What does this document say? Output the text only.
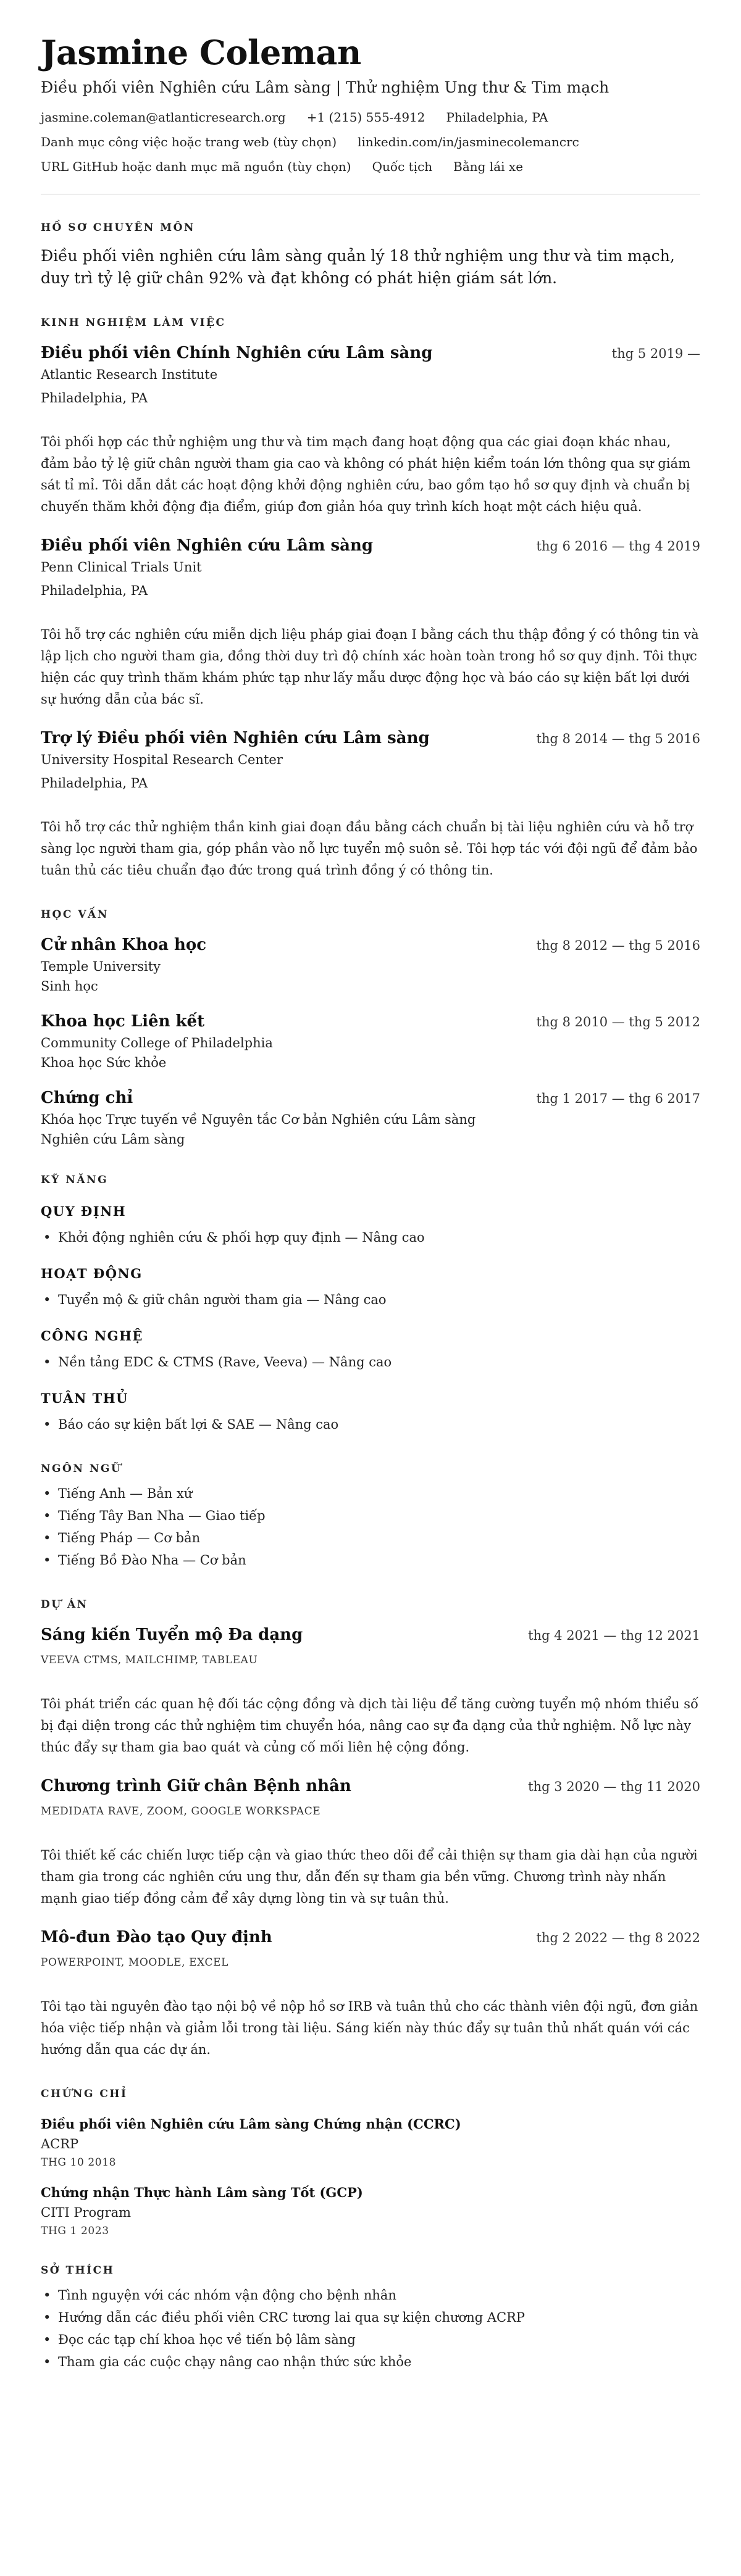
Jasmine Coleman
Điều phối viên Nghiên cứu Lâm sàng | Thử nghiệm Ung thư & Tim mạch
jasmine.coleman@atlanticresearch.org +1 (215) 555-4912 Philadelphia, PA
Danh mục công việc hoặc trang web (tùy chọn) linkedin.com/in/jasminecolemancrc
URL GitHub hoặc danh mục mã nguồn (tùy chọn) Quốc tịch Bằng lái xe
HỒ SƠ CHUYÊN MÔN

Điều phối viên nghiên cứu lâm sàng quản lý 18 thử nghiệm ung thư và tim mạch, duy trì tỷ lệ giữ chân 92% và đạt không có phát hiện giám sát lớn.

KINH NGHIỆM LÀM VIỆC
Điều phối viên Chính Nghiên cứu Lâm sàng	thg 5 2019 —
Atlantic Research Institute
Philadelphia, PA

Tôi phối hợp các thử nghiệm ung thư và tim mạch đang hoạt động qua các giai đoạn khác nhau, đảm bảo tỷ lệ giữ chân người tham gia cao và không có phát hiện kiểm toán lớn thông qua sự giám sát tỉ mỉ. Tôi dẫn dắt các hoạt động khởi động nghiên cứu, bao gồm tạo hồ sơ quy định và chuẩn bị chuyến thăm khởi động địa điểm, giúp đơn giản hóa quy trình kích hoạt một cách hiệu quả.

Điều phối viên Nghiên cứu Lâm sàng	thg 6 2016 — thg 4 2019
Penn Clinical Trials Unit
Philadelphia, PA

Tôi hỗ trợ các nghiên cứu miễn dịch liệu pháp giai đoạn I bằng cách thu thập đồng ý có thông tin và lập lịch cho người tham gia, đồng thời duy trì độ chính xác hoàn toàn trong hồ sơ quy định. Tôi thực hiện các quy trình thăm khám phức tạp như lấy mẫu dược động học và báo cáo sự kiện bất lợi dưới sự hướng dẫn của bác sĩ.

Trợ lý Điều phối viên Nghiên cứu Lâm sàng	thg 8 2014 — thg 5 2016
University Hospital Research Center
Philadelphia, PA

Tôi hỗ trợ các thử nghiệm thần kinh giai đoạn đầu bằng cách chuẩn bị tài liệu nghiên cứu và hỗ trợ sàng lọc người tham gia, góp phần vào nỗ lực tuyển mộ suôn sẻ. Tôi hợp tác với đội ngũ để đảm bảo tuân thủ các tiêu chuẩn đạo đức trong quá trình đồng ý có thông tin.

HỌC VẤN
Cử nhân Khoa học	thg 8 2012 — thg 5 2016
Temple University
Sinh học
Khoa học Liên kết	thg 8 2010 — thg 5 2012
Community College of Philadelphia
Khoa học Sức khỏe
Chứng chỉ	thg 1 2017 — thg 6 2017
Khóa học Trực tuyến về Nguyên tắc Cơ bản Nghiên cứu Lâm sàng
Nghiên cứu Lâm sàng
KỸ NĂNG
QUY ĐỊNH
• Khởi động nghiên cứu & phối hợp quy định — Nâng cao
HOẠT ĐỘNG
• Tuyển mộ & giữ chân người tham gia — Nâng cao
CÔNG NGHỆ
• Nền tảng EDC & CTMS (Rave, Veeva) — Nâng cao
TUÂN THỦ
• Báo cáo sự kiện bất lợi & SAE — Nâng cao
NGÔN NGỮ
• Tiếng Anh — Bản xứ
• Tiếng Tây Ban Nha — Giao tiếp
• Tiếng Pháp — Cơ bản
• Tiếng Bồ Đào Nha — Cơ bản
DỰ ÁN
Sáng kiến Tuyển mộ Đa dạng	thg 4 2021 — thg 12 2021
VEEVA CTMS, MAILCHIMP, TABLEAU

Tôi phát triển các quan hệ đối tác cộng đồng và dịch tài liệu để tăng cường tuyển mộ nhóm thiểu số bị đại diện trong các thử nghiệm tim chuyển hóa, nâng cao sự đa dạng của thử nghiệm. Nỗ lực này thúc đẩy sự tham gia bao quát và củng cố mối liên hệ cộng đồng.

Chương trình Giữ chân Bệnh nhân	thg 3 2020 — thg 11 2020
MEDIDATA RAVE, ZOOM, GOOGLE WORKSPACE

Tôi thiết kế các chiến lược tiếp cận và giao thức theo dõi để cải thiện sự tham gia dài hạn của người tham gia trong các nghiên cứu ung thư, dẫn đến sự tham gia bền vững. Chương trình này nhấn mạnh giao tiếp đồng cảm để xây dựng lòng tin và sự tuân thủ.

Mô-đun Đào tạo Quy định	thg 2 2022 — thg 8 2022
POWERPOINT, MOODLE, EXCEL

Tôi tạo tài nguyên đào tạo nội bộ về nộp hồ sơ IRB và tuân thủ cho các thành viên đội ngũ, đơn giản hóa việc tiếp nhận và giảm lỗi trong tài liệu. Sáng kiến này thúc đẩy sự tuân thủ nhất quán với các hướng dẫn qua các dự án.

CHỨNG CHỈ
Điều phối viên Nghiên cứu Lâm sàng Chứng nhận (CCRC)
ACRP
THG 10 2018
Chứng nhận Thực hành Lâm sàng Tốt (GCP)
CITI Program
THG 1 2023
SỞ THÍCH
• Tình nguyện với các nhóm vận động cho bệnh nhân
• Hướng dẫn các điều phối viên CRC tương lai qua sự kiện chương ACRP
• Đọc các tạp chí khoa học về tiến bộ lâm sàng
• Tham gia các cuộc chạy nâng cao nhận thức sức khỏe
